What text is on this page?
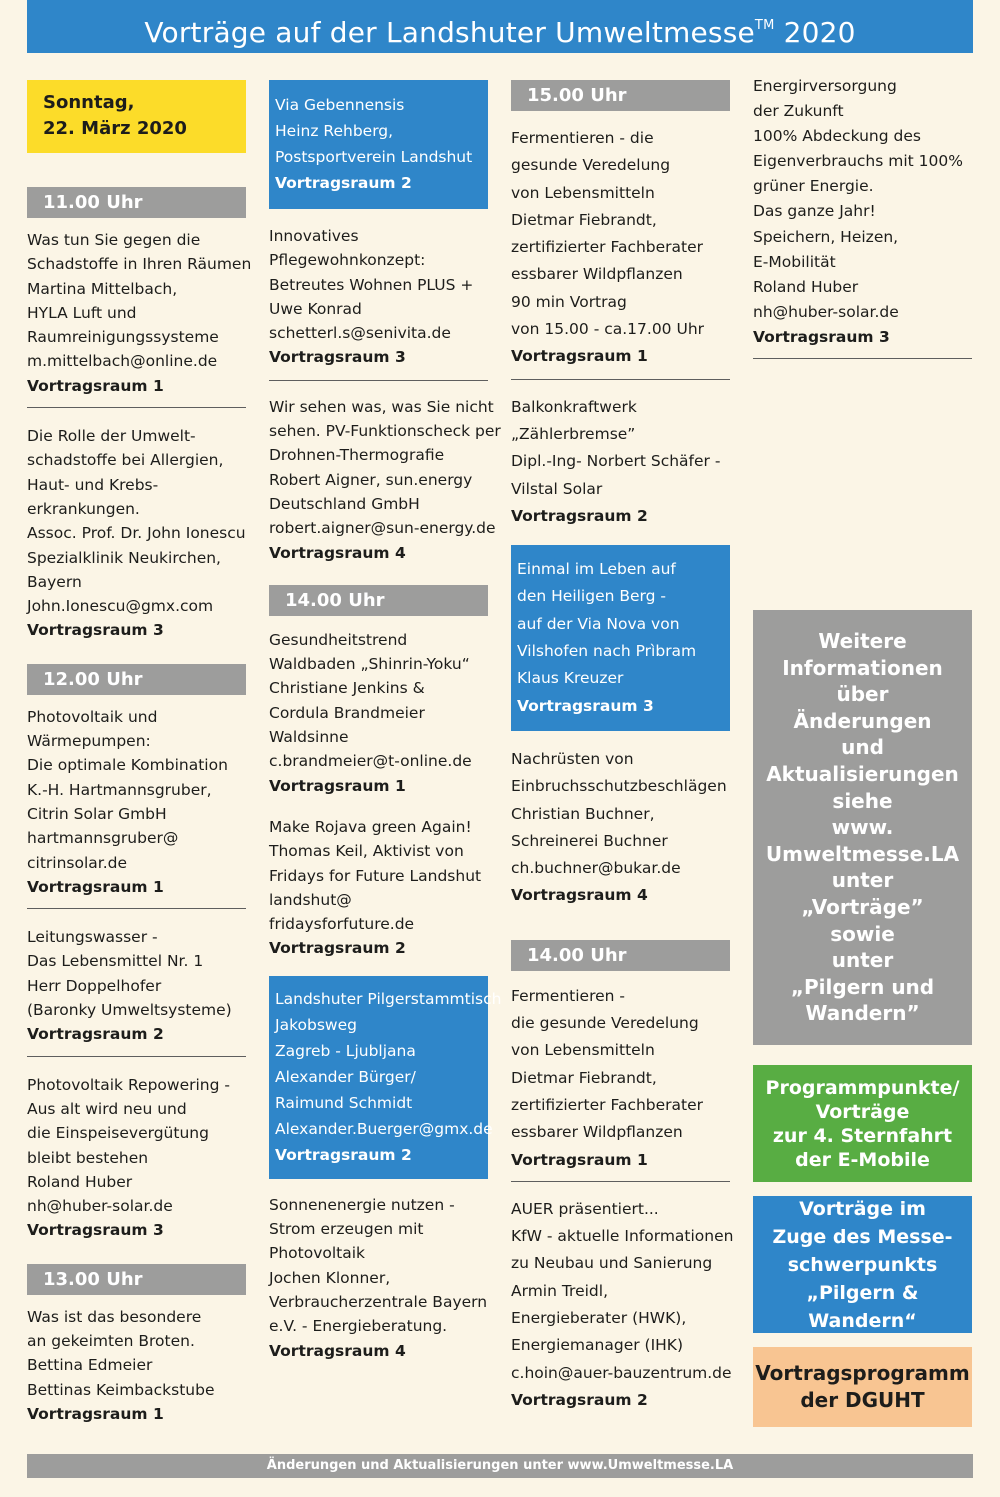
Vorträge auf der Landshuter Umweltmesse™ 2020
Sonntag,
22. März 2020
11.00 Uhr
Was tun Sie gegen die
Schadstoffe in Ihren Räumen
Martina Mittelbach,
HYLA Luft und
Raumreinigungssysteme
m.mittelbach@online.de
Vortragsraum 1
Die Rolle der Umwelt-
schadstoffe bei Allergien,
Haut- und Krebs-
erkrankungen.
Assoc. Prof. Dr. John Ionescu
Spezialklinik Neukirchen,
Bayern
John.Ionescu@gmx.com
Vortragsraum 3
12.00 Uhr
Photovoltaik und
Wärmepumpen:
Die optimale Kombination
K.-H. Hartmannsgruber,
Citrin Solar GmbH
hartmannsgruber@
citrinsolar.de
Vortragsraum 1
Leitungswasser -
Das Lebensmittel Nr. 1
Herr Doppelhofer
(Baronky Umweltsysteme)
Vortragsraum 2
Photovoltaik Repowering -
Aus alt wird neu und
die Einspeisevergütung
bleibt bestehen
Roland Huber
nh@huber-solar.de
Vortragsraum 3
13.00 Uhr
Was ist das besondere
an gekeimten Broten.
Bettina Edmeier
Bettinas Keimbackstube
Vortragsraum 1
Via Gebennensis
Heinz Rehberg,
Postsportverein Landshut
Vortragsraum 2
Innovatives
Pflegewohnkonzept:
Betreutes Wohnen PLUS +
Uwe Konrad
schetterl.s@senivita.de
Vortragsraum 3
Wir sehen was, was Sie nicht
sehen. PV-Funktionscheck per
Drohnen-Thermografie
Robert Aigner, sun.energy
Deutschland GmbH
robert.aigner@sun-energy.de
Vortragsraum 4
14.00 Uhr
Gesundheitstrend
Waldbaden „Shinrin-Yoku“
Christiane Jenkins &
Cordula Brandmeier
Waldsinne
c.brandmeier@t-online.de
Vortragsraum 1
Make Rojava green Again!
Thomas Keil, Aktivist von
Fridays for Future Landshut
landshut@
fridaysforfuture.de
Vortragsraum 2
Landshuter Pilgerstammtisch
Jakobsweg
Zagreb - Ljubljana
Alexander Bürger/
Raimund Schmidt
Alexander.Buerger@gmx.de
Vortragsraum 2
Sonnenenergie nutzen -
Strom erzeugen mit
Photovoltaik
Jochen Klonner,
Verbraucherzentrale Bayern
e.V. - Energieberatung.
Vortragsraum 4
15.00 Uhr
Fermentieren - die
gesunde Veredelung
von Lebensmitteln
Dietmar Fiebrandt,
zertifizierter Fachberater
essbarer Wildpflanzen
90 min Vortrag
von 15.00 - ca.17.00 Uhr
Vortragsraum 1
Balkonkraftwerk
„Zählerbremse”
Dipl.-Ing- Norbert Schäfer -
Vilstal Solar
Vortragsraum 2
Einmal im Leben auf
den Heiligen Berg -
auf der Via Nova von
Vilshofen nach Prìbram
Klaus Kreuzer
Vortragsraum 3
Nachrüsten von
Einbruchsschutzbeschlägen
Christian Buchner,
Schreinerei Buchner
ch.buchner@bukar.de
Vortragsraum 4
14.00 Uhr
Fermentieren -
die gesunde Veredelung
von Lebensmitteln
Dietmar Fiebrandt,
zertifizierter Fachberater
essbarer Wildpflanzen
Vortragsraum 1
AUER präsentiert...
KfW - aktuelle Informationen
zu Neubau und Sanierung
Armin Treidl,
Energieberater (HWK),
Energiemanager (IHK)
c.hoin@auer-bauzentrum.de
Vortragsraum 2
Energirversorgung
der Zukunft
100% Abdeckung des
Eigenverbrauchs mit 100%
grüner Energie.
Das ganze Jahr!
Speichern, Heizen,
E-Mobilität
Roland Huber
nh@huber-solar.de
Vortragsraum 3
Weitere
Informationen
über
Änderungen
und
Aktualisierungen
siehe
www.
Umweltmesse.LA
unter
„Vorträge”
sowie
unter
„Pilgern und
Wandern”
Programmpunkte/
Vorträge
zur 4. Sternfahrt
der E-Mobile
Vorträge im
Zuge des Messe-
schwerpunkts
„Pilgern & Wandern“
Vortragsprogramm
der DGUHT
Änderungen und Aktualisierungen unter www.Umweltmesse.LA
